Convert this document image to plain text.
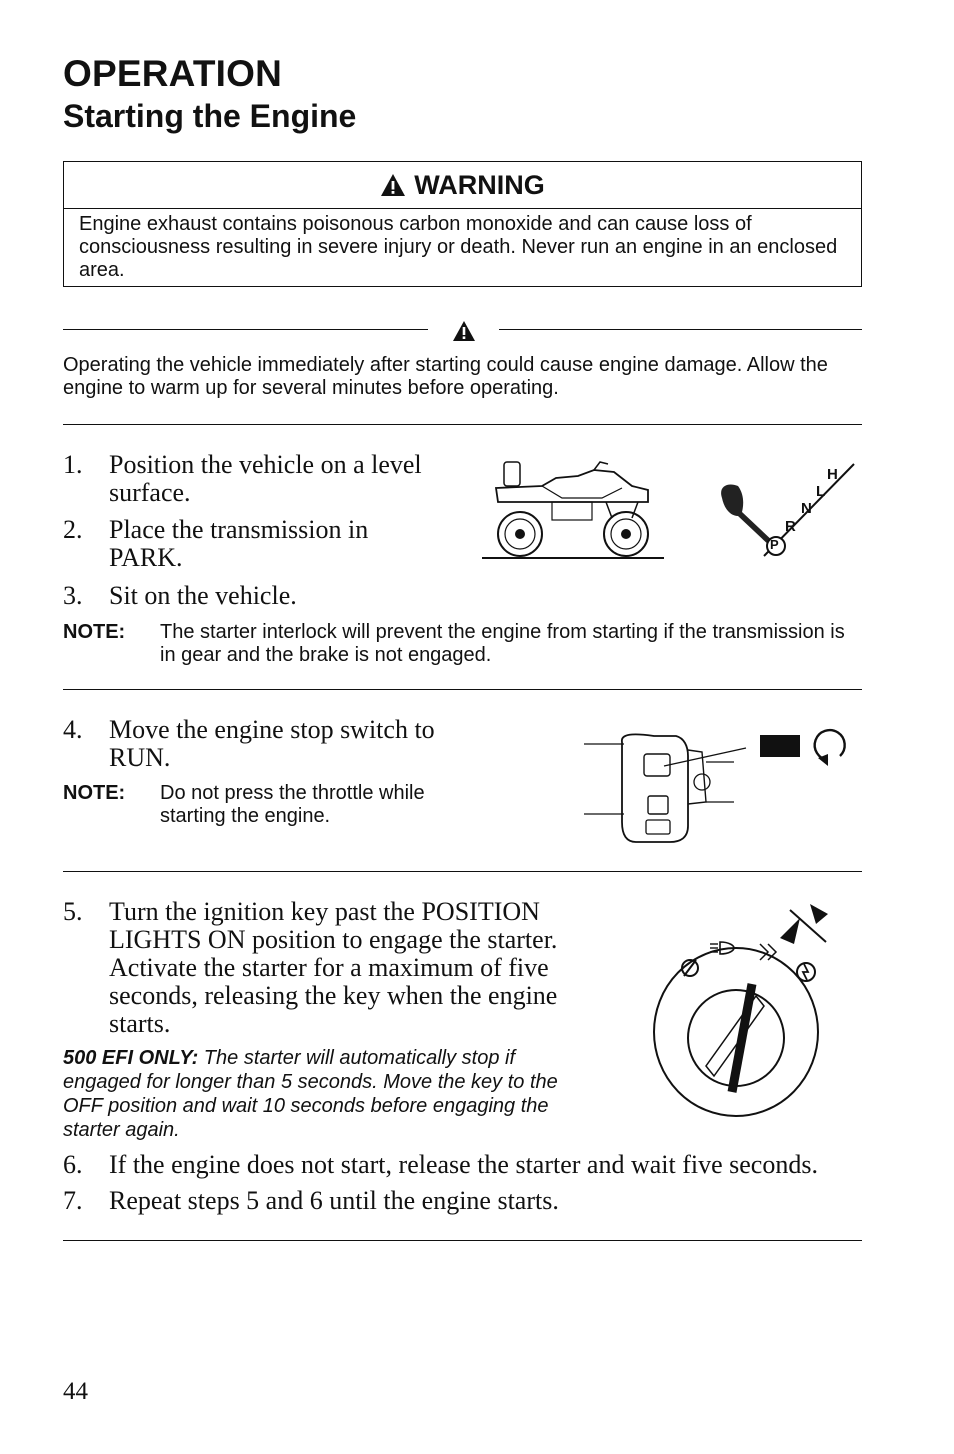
OPERATION
Starting the Engine
WARNING
Engine exhaust contains poisonous carbon monoxide and can cause loss of consciousness resulting in severe injury or death. Never run an engine in an enclosed area.
Operating the vehicle immediately after starting could cause engine damage. Allow the engine to warm up for several minutes before operating.
1. Position the vehicle on a level surface.
2. Place the transmission in PARK.
3. Sit on the vehicle.
H
L
N
R
P
NOTE: The starter interlock will prevent the engine from starting if the transmission is in gear and the brake is not engaged.
4. Move the engine stop switch to RUN.
NOTE: Do not press the throttle while starting the engine.
5. Turn the ignition key past the POSITION LIGHTS ON position to engage the starter. Activate the starter for a maximum of five seconds, releasing the key when the engine starts.
500 EFI ONLY: The starter will automatically stop if engaged for longer than 5 seconds. Move the key to the OFF position and wait 10 seconds before engaging the starter again.
6. If the engine does not start, release the starter and wait five seconds.
7. Repeat steps 5 and 6 until the engine starts.
44
